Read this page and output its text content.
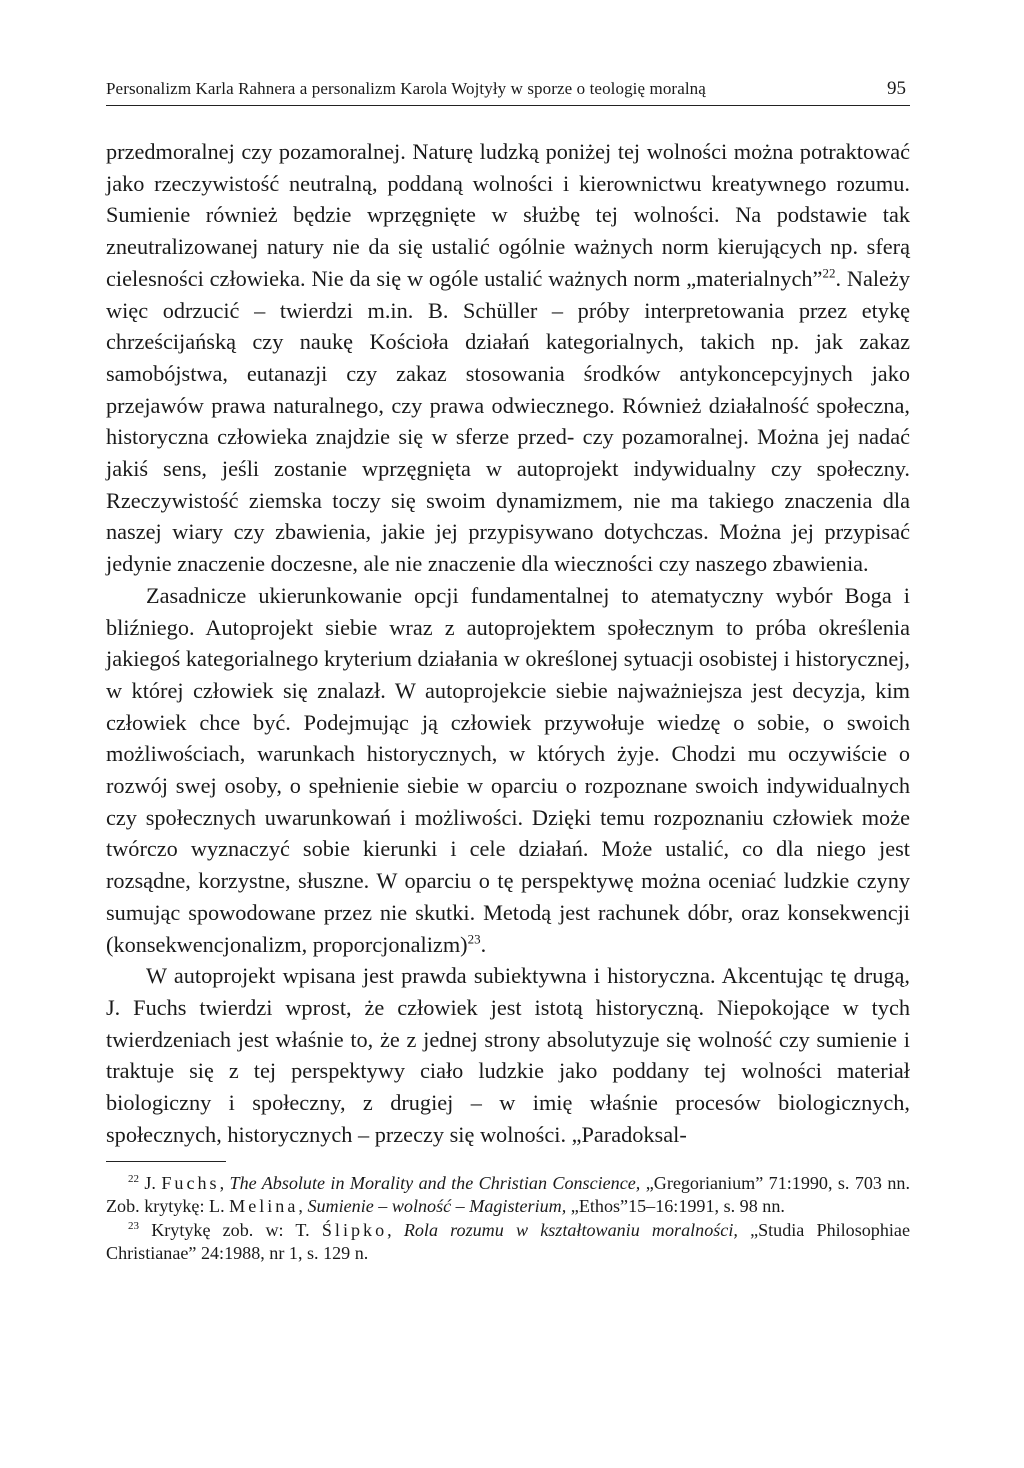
Personalizm Karla Rahnera a personalizm Karola Wojtyły w sporze o teologię moralną	95

przedmoralnej czy pozamoralnej. Naturę ludzką poniżej tej wolności można potraktować jako rzeczywistość neutralną, poddaną wolności i kierownictwu kreatywnego rozumu. Sumienie również będzie wprzęgnięte w służbę tej wolności. Na podstawie tak zneutralizowanej natury nie da się ustalić ogólnie ważnych norm kierujących np. sferą cielesności człowieka. Nie da się w ogóle ustalić ważnych norm „materialnych”$^{22}$. Należy więc odrzucić – twierdzi m.in. B. Schüller – próby interpretowania przez etykę chrześcijańską czy naukę Kościoła działań kategorialnych, takich np. jak zakaz samobójstwa, eutanazji czy zakaz stosowania środków antykoncepcyjnych jako przejawów prawa naturalnego, czy prawa odwiecznego. Również działalność społeczna, historyczna człowieka znajdzie się w sferze przed- czy pozamoralnej. Można jej nadać jakiś sens, jeśli zostanie wprzęgnięta w autoprojekt indywidualny czy społeczny. Rzeczywistość ziemska toczy się swoim dynamizmem, nie ma takiego znaczenia dla naszej wiary czy zbawienia, jakie jej przypisywano dotychczas. Można jej przypisać jedynie znaczenie doczesne, ale nie znaczenie dla wieczności czy naszego zbawienia.

Zasadnicze ukierunkowanie opcji fundamentalnej to atematyczny wybór Boga i bliźniego. Autoprojekt siebie wraz z autoprojektem społecznym to próba określenia jakiegoś kategorialnego kryterium działania w określonej sytuacji osobistej i historycznej, w której człowiek się znalazł. W autoprojekcie siebie najważniejsza jest decyzja, kim człowiek chce być. Podejmując ją człowiek przywołuje wiedzę o sobie, o swoich możliwościach, warunkach historycznych, w których żyje. Chodzi mu oczywiście o rozwój swej osoby, o spełnienie siebie w oparciu o rozpoznane swoich indywidualnych czy społecznych uwarunkowań i możliwości. Dzięki temu rozpoznaniu człowiek może twórczo wyznaczyć sobie kierunki i cele działań. Może ustalić, co dla niego jest rozsądne, korzystne, słuszne. W oparciu o tę perspektywę można oceniać ludzkie czyny sumując spowodowane przez nie skutki. Metodą jest rachunek dóbr, oraz konsekwencji (konsekwencjonalizm, proporcjonalizm)$^{23}$.

W autoprojekt wpisana jest prawda subiektywna i historyczna. Akcentując tę drugą, J. Fuchs twierdzi wprost, że człowiek jest istotą historyczną. Niepokojące w tych twierdzeniach jest właśnie to, że z jednej strony absolutyzuje się wolność czy sumienie i traktuje się z tej perspektywy ciało ludzkie jako poddany tej wolności materiał biologiczny i społeczny, z drugiej – w imię właśnie procesów biologicznych, społecznych, historycznych – przeczy się wolności. „Paradoksal-

$^{22}$ J. Fuchs, The Absolute in Morality and the Christian Conscience, „Gregorianium” 71:1990, s. 703 nn. Zob. krytykę: L. Melina, Sumienie – wolność – Magisterium, „Ethos”15–16:1991, s. 98 nn.

$^{23}$ Krytykę zob. w: T. Ślipko, Rola rozumu w kształtowaniu moralności, „Studia Philosophiae Christianae” 24:1988, nr 1, s. 129 n.
